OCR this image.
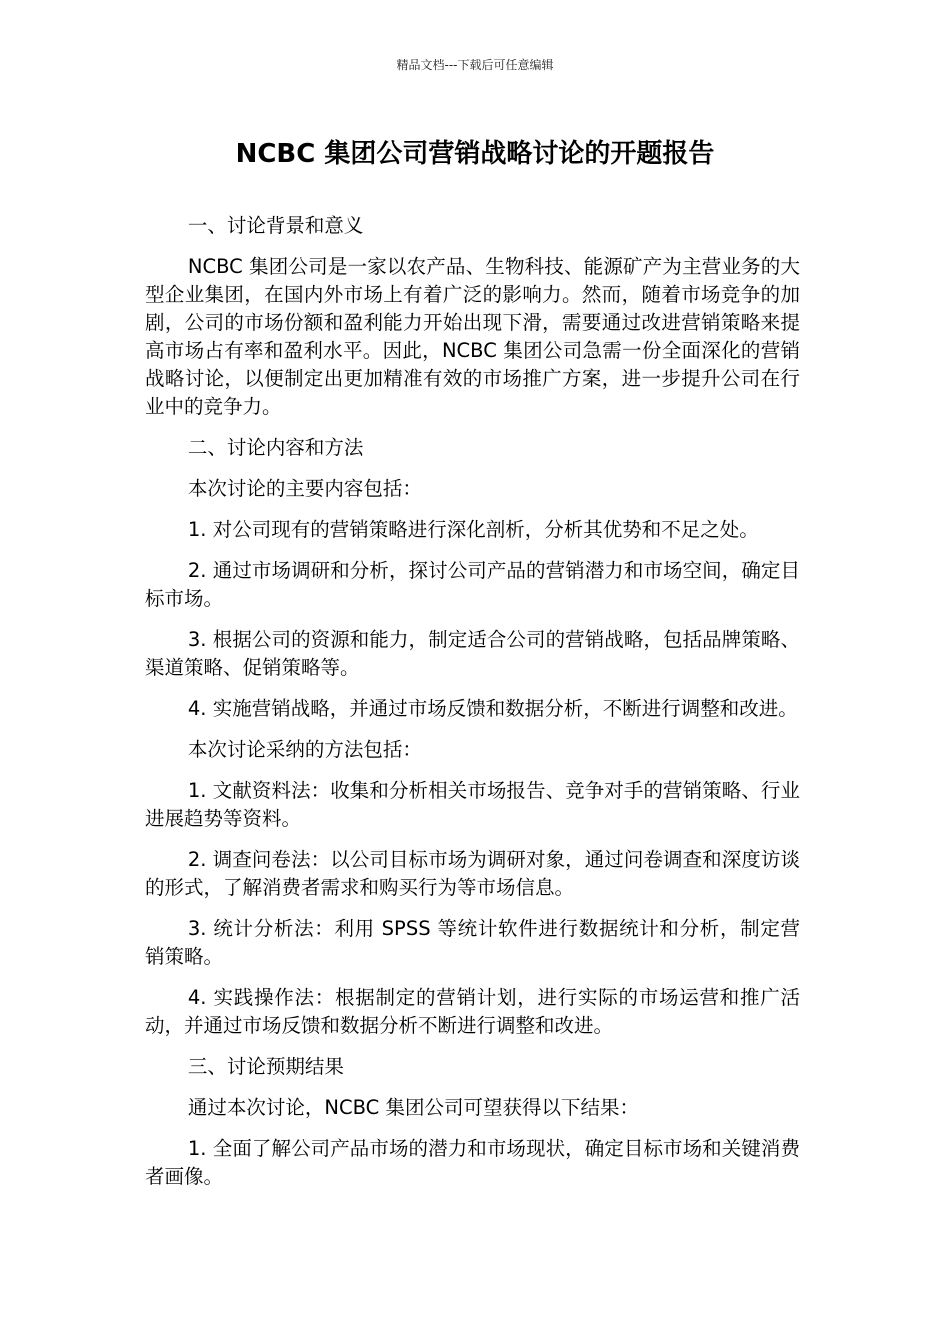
精品文档---下载后可任意编辑
NCBC 集团公司营销战略讨论的开题报告

一、讨论背景和意义

NCBC 集团公司是一家以农产品、生物科技、能源矿产为主营业务的大型企业集团，在国内外市场上有着广泛的影响力。然而，随着市场竞争的加剧，公司的市场份额和盈利能力开始出现下滑，需要通过改进营销策略来提高市场占有率和盈利水平。因此，NCBC 集团公司急需一份全面深化的营销战略讨论，以便制定出更加精准有效的市场推广方案，进一步提升公司在行业中的竞争力。

二、讨论内容和方法

本次讨论的主要内容包括：

1. 对公司现有的营销策略进行深化剖析，分析其优势和不足之处。

2. 通过市场调研和分析，探讨公司产品的营销潜力和市场空间，确定目标市场。

3. 根据公司的资源和能力，制定适合公司的营销战略，包括品牌策略、渠道策略、促销策略等。

4. 实施营销战略，并通过市场反馈和数据分析，不断进行调整和改进。

本次讨论采纳的方法包括：

1. 文献资料法：收集和分析相关市场报告、竞争对手的营销策略、行业进展趋势等资料。

2. 调查问卷法：以公司目标市场为调研对象，通过问卷调查和深度访谈的形式，了解消费者需求和购买行为等市场信息。

3. 统计分析法：利用 SPSS 等统计软件进行数据统计和分析，制定营销策略。

4. 实践操作法：根据制定的营销计划，进行实际的市场运营和推广活动，并通过市场反馈和数据分析不断进行调整和改进。

三、讨论预期结果

通过本次讨论，NCBC 集团公司可望获得以下结果：

1. 全面了解公司产品市场的潜力和市场现状，确定目标市场和关键消费者画像。
